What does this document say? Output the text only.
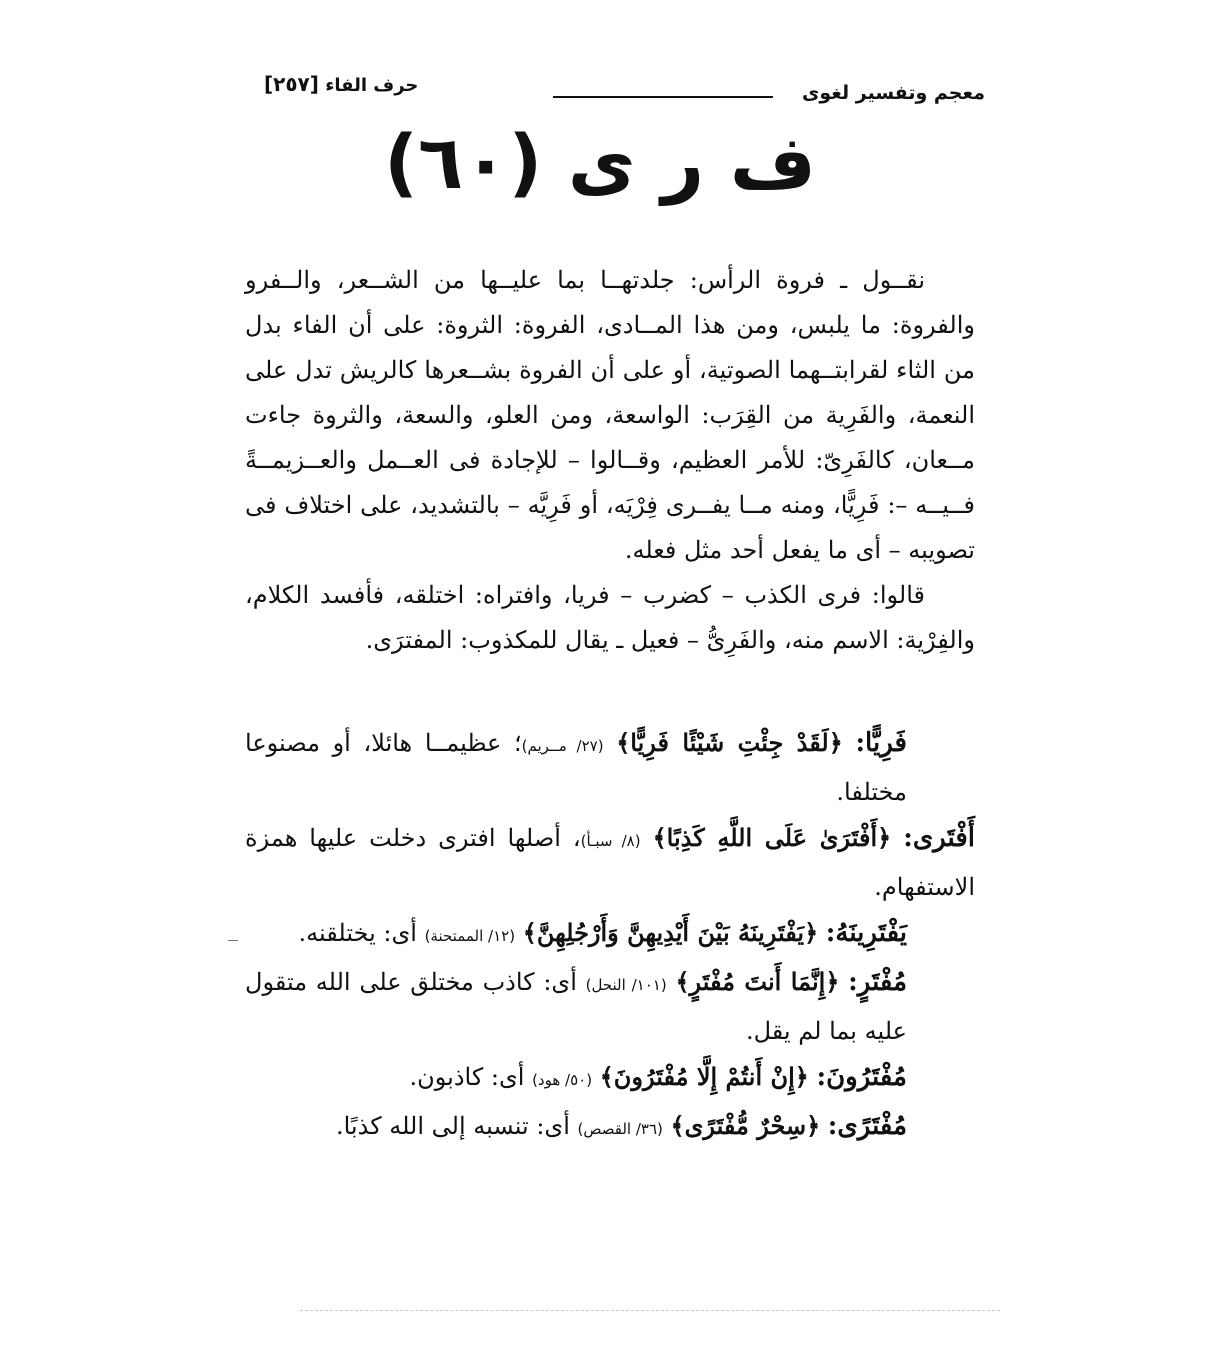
معجم وتفسير لغوى
حرف الفاء [٢٥٧]
ف ر ى (٦٠)

نقــول ـ فروة الرأس: جلدتهــا بما عليــها من الشــعر، والــفرو والفروة: ما يلبس، ومن هذا المــادى، الفروة: الثروة: على أن الفاء بدل من الثاء لقرابتــهما الصوتية، أو على أن الفروة بشــعرها كالريش تدل على النعمة، والفَرِية من القِرَب: الواسعة، ومن العلو، والسعة، والثروة جاءت مــعان، كالفَرِىّ: للأمر العظيم، وقــالوا – للإجادة فى العــمل والعــزيمــةً فــيــه –: فَرِيًّا، ومنه مــا يفــرى فِرْيَه، أو فَرِيَّه – بالتشديد، على اختلاف فى تصويبه – أى ما يفعل أحد مثل فعله.

قالوا: فرى الكذب – كضرب – فريا، وافتراه: اختلقه، فأفسد الكلام، والفِرْية: الاسم منه، والفَرِىُّ – فعيل ـ يقال للمكذوب: المفترَى.

فَرِيًّا: ﴿لَقَدْ جِئْتِ شَيْئًا فَرِيًّا﴾ (٢٧/ مــريم)؛ عظيمــا هائلا، أو مصنوعا مختلفا.

أَفْتَرى: ﴿أَفْتَرَىٰ عَلَى اللَّهِ كَذِبًا﴾ (٨/ سبـأ)، أصلها افترى دخلت عليها همزة الاستفهام.

يَفْتَرِينَهُ: ﴿يَفْتَرِينَهُ بَيْنَ أَيْدِيهِنَّ وَأَرْجُلِهِنَّ﴾ (١٢/ الممتحنة) أى: يختلقنه.

مُفْتَرٍ: ﴿إِنَّمَا أَنتَ مُفْتَرٍ﴾ (١٠١/ النحل) أى: كاذب مختلق على الله متقول عليه بما لم يقل.

مُفْتَرُونَ: ﴿إِنْ أَنتُمْ إِلَّا مُفْتَرُونَ﴾ (٥٠/ هود) أى: كاذبون.

مُفْتَرًى: ﴿سِحْرٌ مُّفْتَرًى﴾ (٣٦/ القصص) أى: تنسبه إلى الله كذبًا.
